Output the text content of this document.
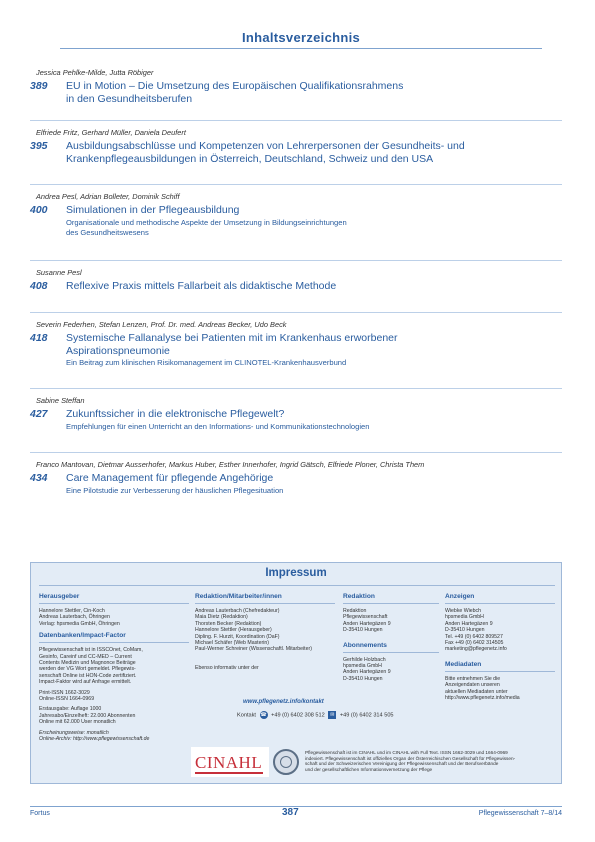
Inhaltsverzeichnis
Jessica Pehlke-Milde, Jutta Röbiger
389	EU in Motion – Die Umsetzung des Europäischen Qualifikationsrahmens
in den Gesundheitsberufen
Elfriede Fritz, Gerhard Müller, Daniela Deufert
395	Ausbildungsabschlüsse und Kompetenzen von Lehrerpersonen der Gesundheits- und
Krankenpflegeausbildungen in Österreich, Deutschland, Schweiz und den USA
Andrea Pesl, Adrian Bolleter, Dominik Schiff
400	Simulationen in der Pflegeausbildung
Organisationale und methodische Aspekte der Umsetzung in Bildungseinrichtungen
des Gesundheitswesens
Susanne Pesl
408	Reflexive Praxis mittels Fallarbeit als didaktische Methode
Severin Federhen, Stefan Lenzen, Prof. Dr. med. Andreas Becker, Udo Beck
418	Systemische Fallanalyse bei Patienten mit im Krankenhaus erworbener
Aspirationspneumonie
Ein Beitrag zum klinischen Risikomanagement im CLINOTEL-Krankenhausverbund
Sabine Steffan
427	Zukunftssicher in die elektronische Pflegewelt?
Empfehlungen für einen Unterricht an den Informations- und Kommunikationstechnologien
Franco Mantovan, Dietmar Ausserhofer, Markus Huber, Esther Innerhofer, Ingrid Gätsch, Elfriede Ploner, Christa Them
434	Care Management für pflegende Angehörige
Eine Pilotstudie zur Verbesserung der häuslichen Pflegesituation
Impressum
Herausgeber
Hannelore Stettler, Cin-Koch
Andreas Lauterbach, Öhringen
Verlag: hpsmedia GmbH, Öhringen
Datenbanken/Impact-Factor
Pflegewissenschaft ist in ISSCOnet, CoMam,
Gesinfo, Careinf und CC-MED – Current
Contents Medizin und Magnonce Beiträge
werden der VG Wort gemeldet. Pflegewis-
senschaft Online ist HON-Code zertifiziert.
Impact-Faktor wird auf Anfrage ermittelt.
Print-ISSN 1662-3029
Online-ISSN 1664-0969
Erstausgabe: Auflage 1000
Jahresabo/Einzelheft: 22.000 Abonnenten
Online mit 62.000 User monatlich
Erscheinungsweise: monatlich
Online-Archiv: http://www.pflegewissenschaft.de
Redaktion/Mitarbeiter/innen
Andreas Lauterbach (Chefredakteur)
Maia Dietz (Redaktion)
Thorsten Becker (Redaktion)
Hannelore Stettler (Herausgeber)
Dipling. F. Hurzit, Koordination (DaF)
Michael Schäfer (Web Masterin)
Paul-Werner Schreiner (Wissenschaftl. Mitarbeiter)
Ebenso informativ unter der
www.pflegenetz.info/kontakt
Kontakt ☎ +49 (0) 6402 308 512 ✉ +49 (0) 6402 314 505
Redaktion
Redaktion
Pflegewissenschaft
Anden Hartegäzen 9
D-35410 Hungen
Abonnements
Gerhilde Holzbach
hpsmedia GmbH
Anden Hartegäzen 9
D-35410 Hungen
Anzeigen
Wiebke Wiebch
hpsmedia GmbH
Anden Hartegäzen 9
D-35410 Hungen
Tel. +49 (0) 6402 809527
Fax +49 (0) 6402 314505
marketing@pflegenetz.info
Mediadaten
Bitte entnehmen Sie die
Anzeigendaten unseren
aktuellen Mediadaten unter
http://www.pflegenetz.info/media
CINAHL
Pflegewissenschaft ist im CINAHL und im CINAHL with Full Text. ISSN 1662-3029 und 1664-0969
indexiert. Pflegewissenschaft ist offizielles Organ der Österreichischen Gesellschaft für Pflegewissen-
schaft und der Schweizerischen Vereinigung der Pflegewissenschaft und der Berufsverbände
und der gesellschaftlichen Informationsvernetzung der Pflege
Fortus	387	Pflegewissenschaft 7–8/14
